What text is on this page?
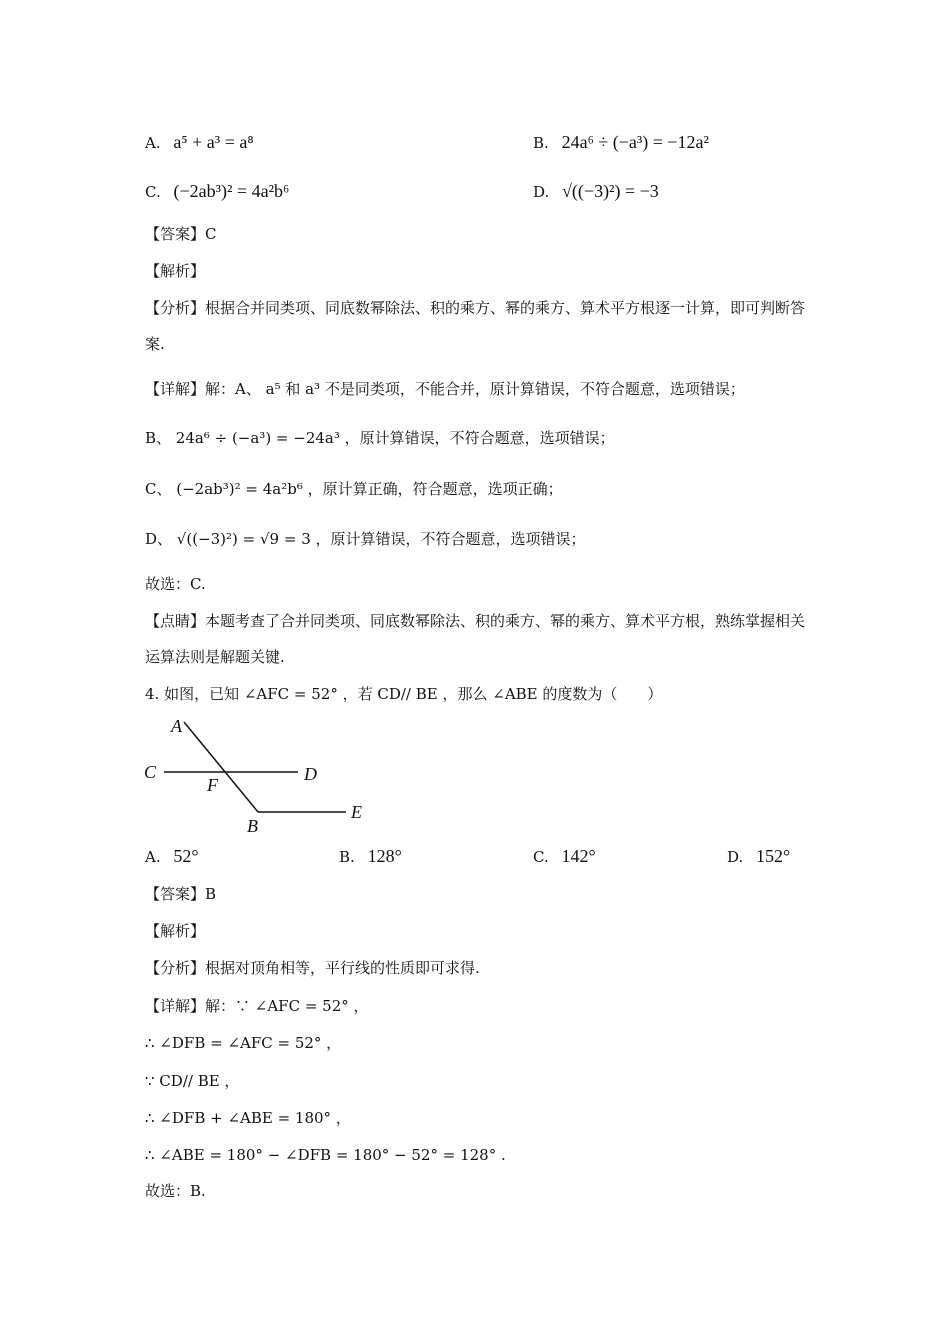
A. a⁵ + a³ = a⁸	B. 24a⁶ ÷ (−a³) = −12a²
C. (−2ab³)² = 4a²b⁶	D. √((−3)²) = −3
【答案】C
【解析】
【分析】根据合并同类项、同底数幂除法、积的乘方、幂的乘方、算术平方根逐一计算，即可判断答案.
【详解】解：A、 a⁵ 和 a³ 不是同类项，不能合并，原计算错误，不符合题意，选项错误；
B、 24a⁶ ÷ (−a³) = −24a³ ，原计算错误，不符合题意，选项错误；
C、 (−2ab³)² = 4a²b⁶ ，原计算正确，符合题意，选项正确；
D、 √((−3)²) = √9 = 3 ，原计算错误，不符合题意，选项错误；
故选：C.
【点睛】本题考查了合并同类项、同底数幂除法、积的乘方、幂的乘方、算术平方根，熟练掌握相关运算法则是解题关键.
4. 如图，已知 ∠AFC = 52° ，若 CD// BE ，那么 ∠ABE 的度数为（　　）
A
C	D
F
B
E
A. 52°	B. 128°	C. 142°	D. 152°
【答案】B
【解析】
【分析】根据对顶角相等，平行线的性质即可求得.
【详解】解：∵ ∠AFC = 52° ，
∴ ∠DFB = ∠AFC = 52° ，
∵ CD// BE ，
∴ ∠DFB + ∠ABE = 180° ，
∴ ∠ABE = 180° − ∠DFB = 180° − 52° = 128° .
故选：B.
